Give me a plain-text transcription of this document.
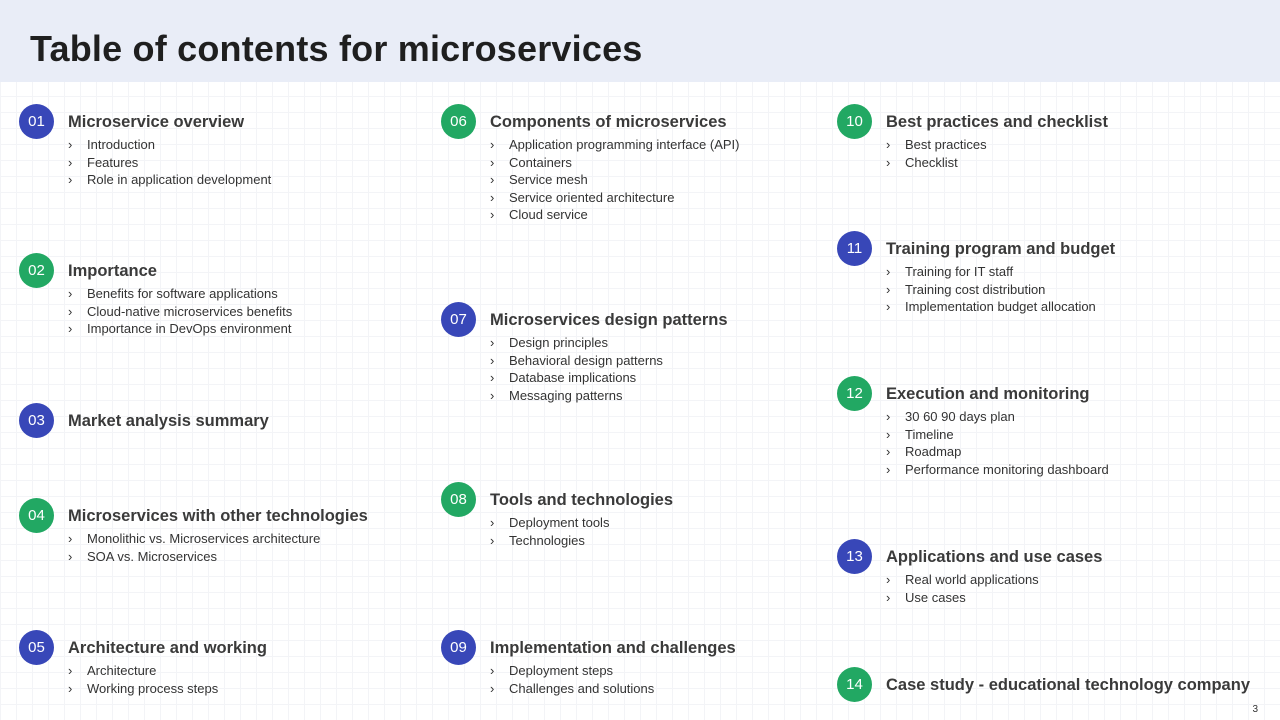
Table of contents for microservices
01	Microservice overview
› Introduction
› Features
› Role in application development
02	Importance
› Benefits for software applications
› Cloud-native microservices benefits
› Importance in DevOps environment
03	Market analysis summary
04	Microservices with other technologies
› Monolithic vs. Microservices architecture
› SOA vs. Microservices
05	Architecture and working
› Architecture
› Working process steps
06	Components of microservices
› Application programming interface (API)
› Containers
› Service mesh
› Service oriented architecture
› Cloud service
07	Microservices design patterns
› Design principles
› Behavioral design patterns
› Database implications
› Messaging patterns
08	Tools and technologies
› Deployment tools
› Technologies
09	Implementation and challenges
› Deployment steps
› Challenges and solutions
10	Best practices and checklist
› Best practices
› Checklist
11	Training program and budget
› Training for IT staff
› Training cost distribution
› Implementation budget allocation
12	Execution and monitoring
› 30 60 90 days plan
› Timeline
› Roadmap
› Performance monitoring dashboard
13	Applications and use cases
› Real world applications
› Use cases
14	Case study - educational technology company
3
